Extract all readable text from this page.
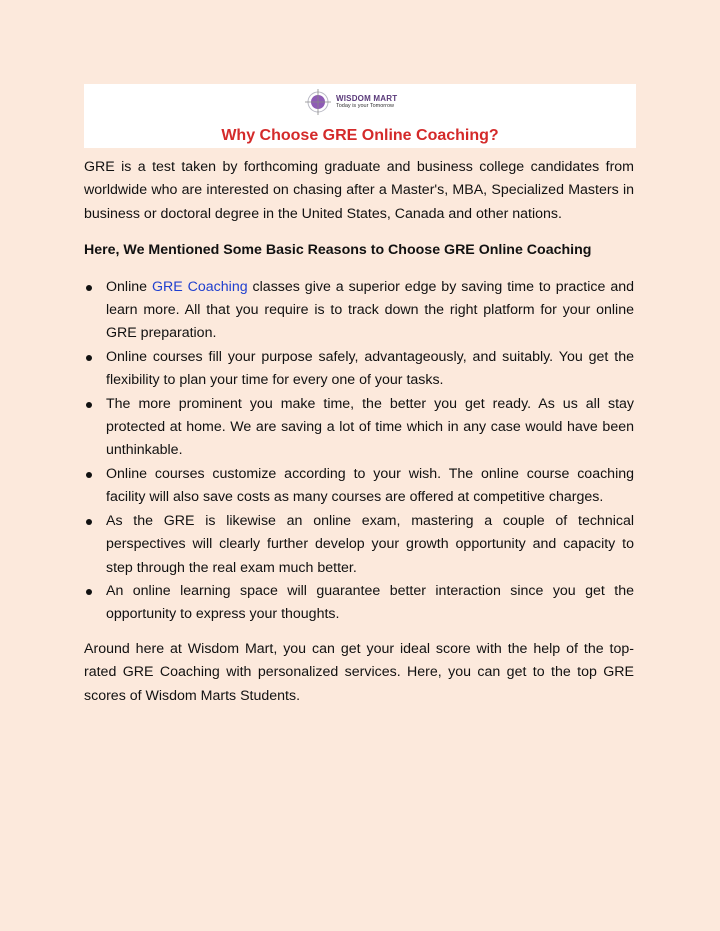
WISDOM MART
Today is your Tomorrow
Why Choose GRE Online Coaching?

GRE is a test taken by forthcoming graduate and business college candidates from worldwide who are interested on chasing after a Master's, MBA, Specialized Masters in business or doctoral degree in the United States, Canada and other nations.

Here, We Mentioned Some Basic Reasons to Choose GRE Online Coaching

Online GRE Coaching classes give a superior edge by saving time to practice and learn more. All that you require is to track down the right platform for your online GRE preparation.
Online courses fill your purpose safely, advantageously, and suitably. You get the flexibility to plan your time for every one of your tasks.
The more prominent you make time, the better you get ready. As us all stay protected at home. We are saving a lot of time which in any case would have been unthinkable.
Online courses customize according to your wish. The online course coaching facility will also save costs as many courses are offered at competitive charges.
As the GRE is likewise an online exam, mastering a couple of technical perspectives will clearly further develop your growth opportunity and capacity to step through the real exam much better.
An online learning space will guarantee better interaction since you get the opportunity to express your thoughts.

Around here at Wisdom Mart, you can get your ideal score with the help of the top-rated GRE Coaching with personalized services. Here, you can get to the top GRE scores of Wisdom Marts Students.
